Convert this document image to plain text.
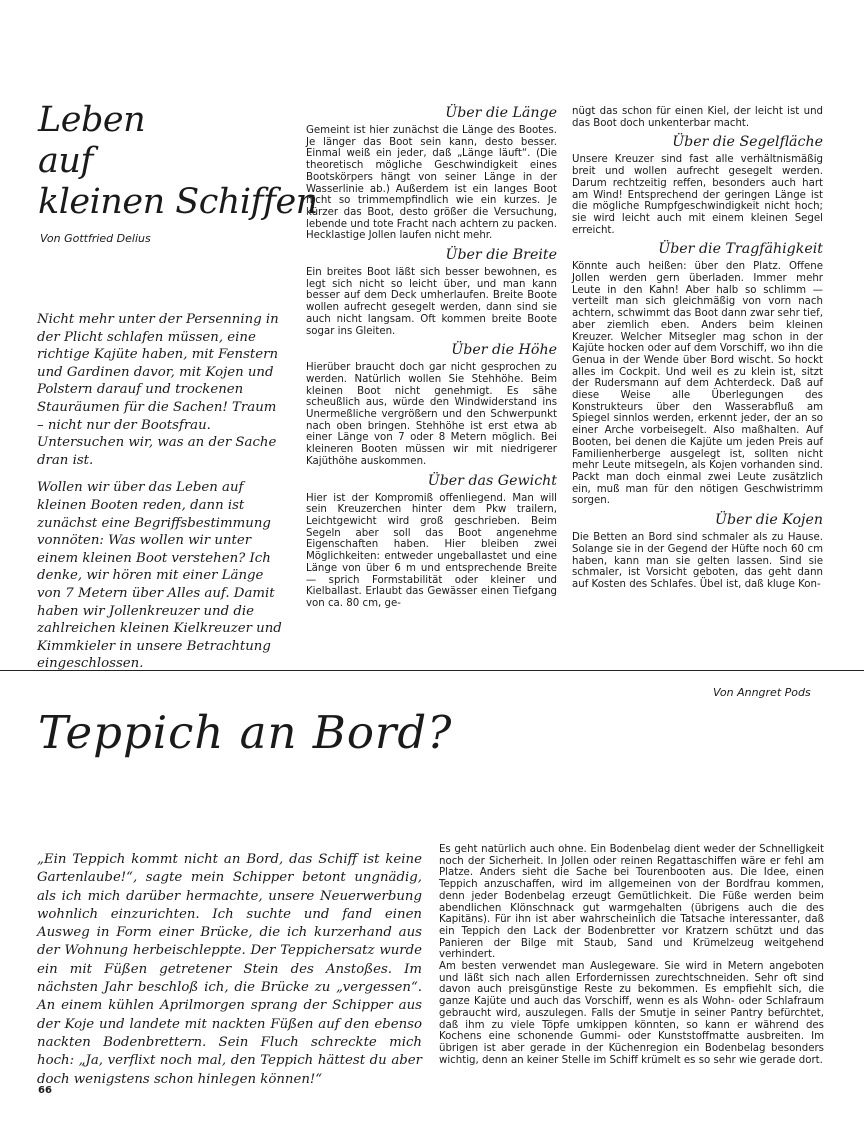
Leben
auf
kleinen Schiffen
Von Gottfried Delius

Nicht mehr unter der Persenning in der Plicht schlafen müssen, eine richtige Kajüte haben, mit Fenstern und Gardinen davor, mit Kojen und Polstern darauf und trockenen Stauräumen für die Sachen! Traum – nicht nur der Bootsfrau. Untersuchen wir, was an der Sache dran ist.

Wollen wir über das Leben auf kleinen Booten reden, dann ist zunächst eine Begriffsbestimmung vonnöten: Was wollen wir unter einem kleinen Boot verstehen? Ich denke, wir hören mit einer Länge von 7 Metern über Alles auf. Damit haben wir Jollenkreuzer und die zahlreichen kleinen Kielkreuzer und Kimmkieler in unsere Betrachtung eingeschlossen.

Über die Länge

Gemeint ist hier zunächst die Länge des Bootes. Je länger das Boot sein kann, desto besser. Einmal weiß ein jeder, daß „Länge läuft“. (Die theoretisch mögliche Geschwindigkeit eines Bootskörpers hängt von seiner Länge in der Wasserlinie ab.) Außerdem ist ein langes Boot nicht so trimmempfindlich wie ein kurzes. Je kürzer das Boot, desto größer die Versuchung, lebende und tote Fracht nach achtern zu packen. Hecklastige Jollen laufen nicht mehr.

Über die Breite

Ein breites Boot läßt sich besser bewohnen, es legt sich nicht so leicht über, und man kann besser auf dem Deck umherlaufen. Breite Boote wollen aufrecht gesegelt werden, dann sind sie auch nicht langsam. Oft kommen breite Boote sogar ins Gleiten.

Über die Höhe

Hierüber braucht doch gar nicht gesprochen zu werden. Natürlich wollen Sie Stehhöhe. Beim kleinen Boot nicht genehmigt. Es sähe scheußlich aus, würde den Windwiderstand ins Unermeßliche vergrößern und den Schwerpunkt nach oben bringen. Stehhöhe ist erst etwa ab einer Länge von 7 oder 8 Metern möglich. Bei kleineren Booten müssen wir mit niedrigerer Kajüthöhe auskommen.

Über das Gewicht

Hier ist der Kompromiß offenliegend. Man will sein Kreuzerchen hinter dem Pkw trailern, Leichtgewicht wird groß geschrieben. Beim Segeln aber soll das Boot angenehme Eigenschaften haben. Hier bleiben zwei Möglichkeiten: entweder ungeballastet und eine Länge von über 6 m und entsprechende Breite — sprich Formstabilität oder kleiner und Kielballast. Erlaubt das Gewässer einen Tiefgang von ca. 80 cm, ge-

nügt das schon für einen Kiel, der leicht ist und das Boot doch unkenterbar macht.

Über die Segelfläche

Unsere Kreuzer sind fast alle verhältnismäßig breit und wollen aufrecht gesegelt werden. Darum rechtzeitig reffen, besonders auch hart am Wind! Entsprechend der geringen Länge ist die mögliche Rumpfgeschwindigkeit nicht hoch; sie wird leicht auch mit einem kleinen Segel erreicht.

Über die Tragfähigkeit

Könnte auch heißen: über den Platz. Offene Jollen werden gern überladen. Immer mehr Leute in den Kahn! Aber halb so schlimm — verteilt man sich gleichmäßig von vorn nach achtern, schwimmt das Boot dann zwar sehr tief, aber ziemlich eben. Anders beim kleinen Kreuzer. Welcher Mitsegler mag schon in der Kajüte hocken oder auf dem Vorschiff, wo ihn die Genua in der Wende über Bord wischt. So hockt alles im Cockpit. Und weil es zu klein ist, sitzt der Rudersmann auf dem Achterdeck. Daß auf diese Weise alle Überlegungen des Konstrukteurs über den Wasserabfluß am Spiegel sinnlos werden, erkennt jeder, der an so einer Arche vorbeisegelt. Also maßhalten. Auf Booten, bei denen die Kajüte um jeden Preis auf Familienherberge ausgelegt ist, sollten nicht mehr Leute mitsegeln, als Kojen vorhanden sind. Packt man doch einmal zwei Leute zusätzlich ein, muß man für den nötigen Geschwistrimm sorgen.

Über die Kojen

Die Betten an Bord sind schmaler als zu Hause. Solange sie in der Gegend der Hüfte noch 60 cm haben, kann man sie gelten lassen. Sind sie schmaler, ist Vorsicht geboten, das geht dann auf Kosten des Schlafes. Übel ist, daß kluge Kon-

Von Anngret Pods
Teppich an Bord?
„Ein Teppich kommt nicht an Bord, das Schiff ist keine Gartenlaube!“, sagte mein Schipper betont ungnädig, als ich mich darüber hermachte, unsere Neuerwerbung wohnlich einzurichten. Ich suchte und fand einen Ausweg in Form einer Brücke, die ich kurzerhand aus der Wohnung herbeischleppte. Der Teppichersatz wurde ein mit Füßen getretener Stein des Anstoßes. Im nächsten Jahr beschloß ich, die Brücke zu „vergessen“. An einem kühlen Aprilmorgen sprang der Schipper aus der Koje und landete mit nackten Füßen auf den ebenso nackten Bodenbrettern. Sein Fluch schreckte mich hoch: „Ja, verflixt noch mal, den Teppich hättest du aber doch wenigstens schon hinlegen können!“

Es geht natürlich auch ohne. Ein Bodenbelag dient weder der Schnelligkeit noch der Sicherheit. In Jollen oder reinen Regattaschiffen wäre er fehl am Platze. Anders sieht die Sache bei Tourenbooten aus. Die Idee, einen Teppich anzuschaffen, wird im allgemeinen von der Bordfrau kommen, denn jeder Bodenbelag erzeugt Gemütlichkeit. Die Füße werden beim abendlichen Klönschnack gut warmgehalten (übrigens auch die des Kapitäns). Für ihn ist aber wahrscheinlich die Tatsache interessanter, daß ein Teppich den Lack der Bodenbretter vor Kratzern schützt und das Panieren der Bilge mit Staub, Sand und Krümelzeug weitgehend verhindert.

Am besten verwendet man Auslegeware. Sie wird in Metern angeboten und läßt sich nach allen Erfordernissen zurechtschneiden. Sehr oft sind davon auch preisgünstige Reste zu bekommen. Es empfiehlt sich, die ganze Kajüte und auch das Vorschiff, wenn es als Wohn- oder Schlafraum gebraucht wird, auszulegen. Falls der Smutje in seiner Pantry befürchtet, daß ihm zu viele Töpfe umkippen könnten, so kann er während des Kochens eine schonende Gummi- oder Kunststoffmatte ausbreiten. Im übrigen ist aber gerade in der Küchenregion ein Bodenbelag besonders wichtig, denn an keiner Stelle im Schiff krümelt es so sehr wie gerade dort.

66
